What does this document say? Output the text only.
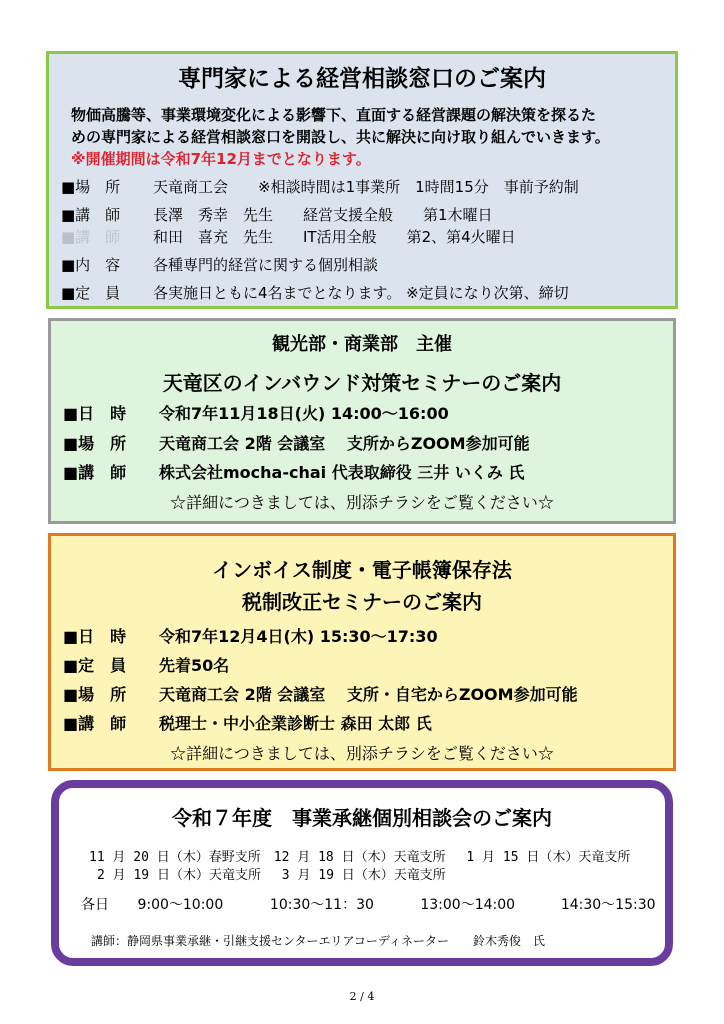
専門家による経営相談窓口のご案内
物価高騰等、事業環境変化による影響下、直面する経営課題の解決策を探るた
めの専門家による経営相談窓口を開設し、共に解決に向け取り組んでいきます。
※開催期間は令和7年12月までとなります。
■場　所 天竜商工会　　※相談時間は1事業所　1時間15分　事前予約制
■講　師 長澤　秀幸　先生　　経営支援全般　　第1木曜日
■講　師 和田　喜充　先生　　IT活用全般　　第2、第4火曜日
■内　容 各種専門的経営に関する個別相談
■定　員 各実施日ともに4名までとなります。 ※定員になり次第、締切
観光部・商業部　主催
天竜区のインバウンド対策セミナーのご案内
■日　時 令和7年11月18日(火) 14:00～16:00
■場　所 天竜商工会 2階 会議室　 支所からZOOM参加可能
■講　師 株式会社mocha-chai 代表取締役 三井 いくみ 氏
☆詳細につきましては、別添チラシをご覧ください☆
インボイス制度・電子帳簿保存法
税制改正セミナーのご案内
■日　時 令和7年12月4日(木) 15:30～17:30
■定　員 先着50名
■場　所 天竜商工会 2階 会議室　 支所・自宅からZOOM参加可能
■講　師 税理士・中小企業診断士 森田 太郎 氏
☆詳細につきましては、別添チラシをご覧ください☆
令和７年度　事業承継個別相談会のご案内
11 月 20 日（木）春野支所　12 月 18 日（木）天竜支所　 1 月 15 日（木）天竜支所
2 月 19 日（木）天竜支所　 3 月 19 日（木）天竜支所
各日 9:00～10:00	10:30～11：30	13:00～14:00	14:30～15:30
講師：静岡県事業承継・引継支援センターエリアコーディネーター　　鈴木秀俊　氏
2 / 4
